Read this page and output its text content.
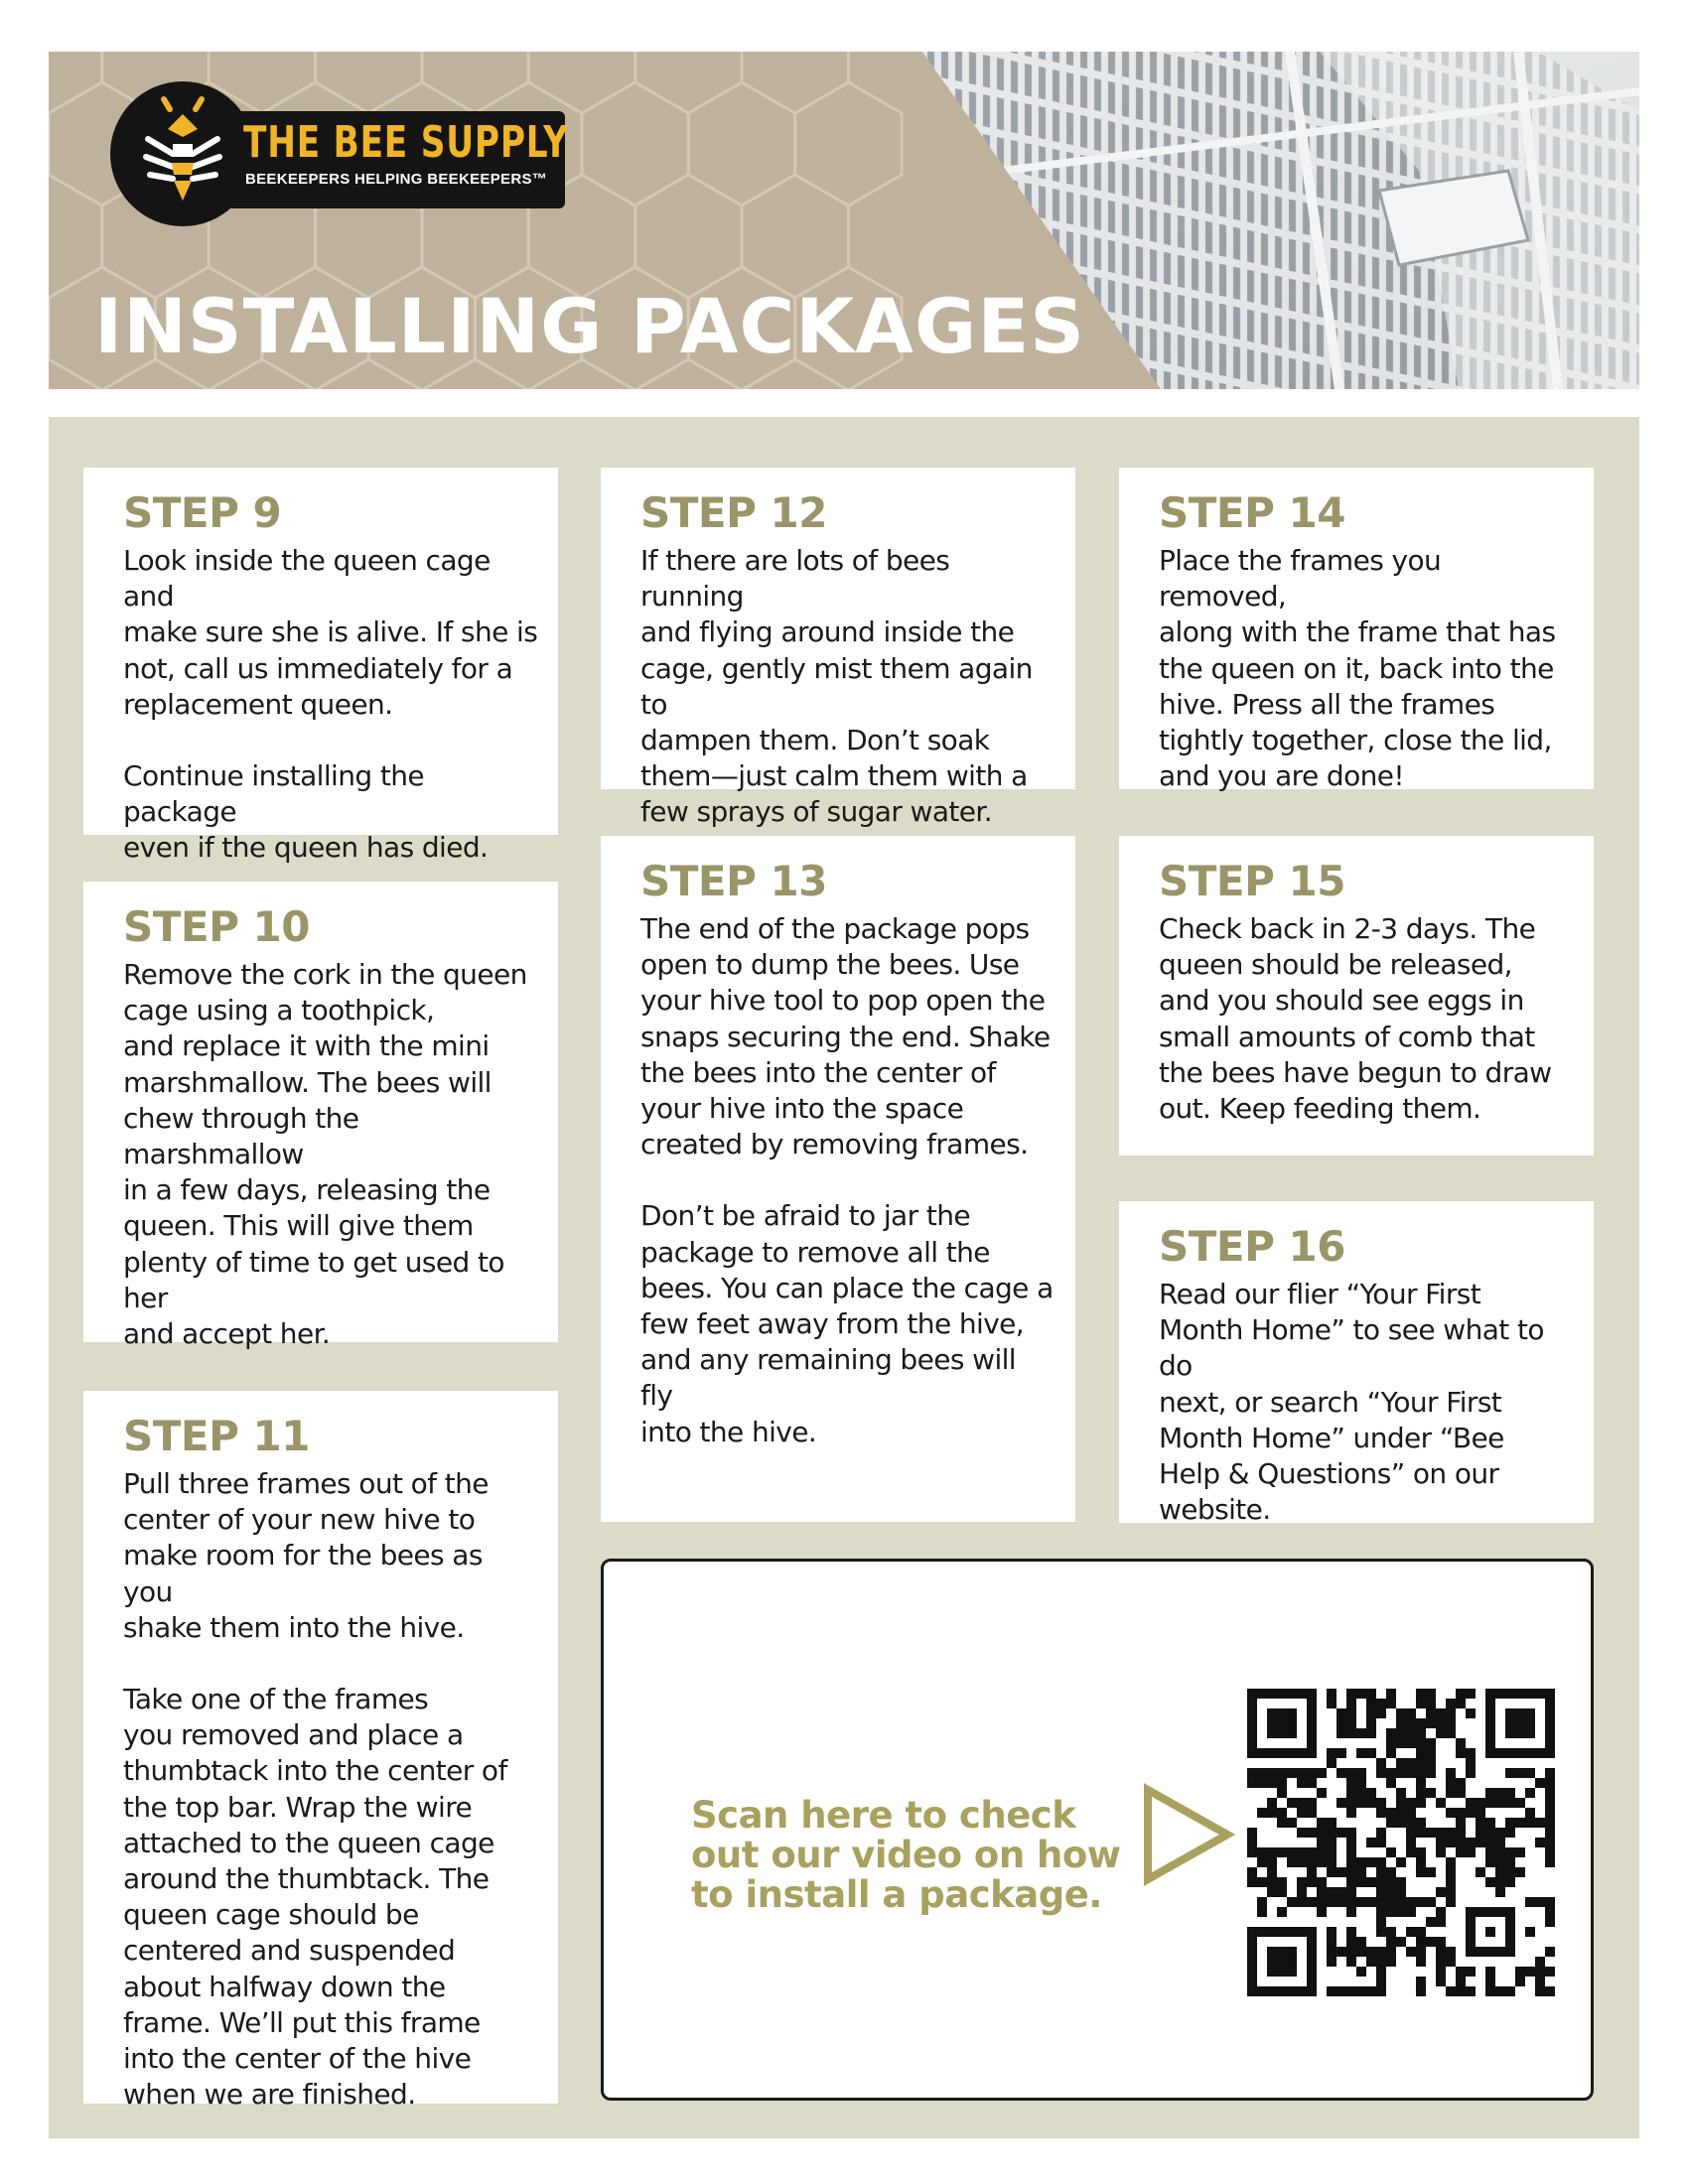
THE BEE SUPPLY
BEEKEEPERS HELPING BEEKEEPERS™
INSTALLING PACKAGES
STEP 9

Look inside the queen cage and
make sure she is alive. If she is
not, call us immediately for a
replacement queen.

Continue installing the package
even if the queen has died.

STEP 10

Remove the cork in the queen
cage using a toothpick,
and replace it with the mini
marshmallow. The bees will
chew through the marshmallow
in a few days, releasing the
queen. This will give them
plenty of time to get used to her
and accept her.

STEP 11

Pull three frames out of the
center of your new hive to
make room for the bees as you
shake them into the hive.

Take one of the frames
you removed and place a
thumbtack into the center of
the top bar. Wrap the wire
attached to the queen cage
around the thumbtack. The
queen cage should be
centered and suspended
about halfway down the
frame. We’ll put this frame
into the center of the hive
when we are finished.

STEP 12

If there are lots of bees running
and flying around inside the
cage, gently mist them again to
dampen them. Don’t soak
them—just calm them with a
few sprays of sugar water.

STEP 13

The end of the package pops
open to dump the bees. Use
your hive tool to pop open the
snaps securing the end. Shake
the bees into the center of
your hive into the space
created by removing frames.

Don’t be afraid to jar the
package to remove all the
bees. You can place the cage a
few feet away from the hive,
and any remaining bees will fly
into the hive.

STEP 14

Place the frames you removed,
along with the frame that has
the queen on it, back into the
hive. Press all the frames
tightly together, close the lid,
and you are done!

STEP 15

Check back in 2-3 days. The
queen should be released,
and you should see eggs in
small amounts of comb that
the bees have begun to draw
out. Keep feeding them.

STEP 16

Read our flier “Your First
Month Home” to see what to do
next, or search “Your First
Month Home” under “Bee
Help & Questions” on our
website.

Scan here to check
out our video on how
to install a package.
